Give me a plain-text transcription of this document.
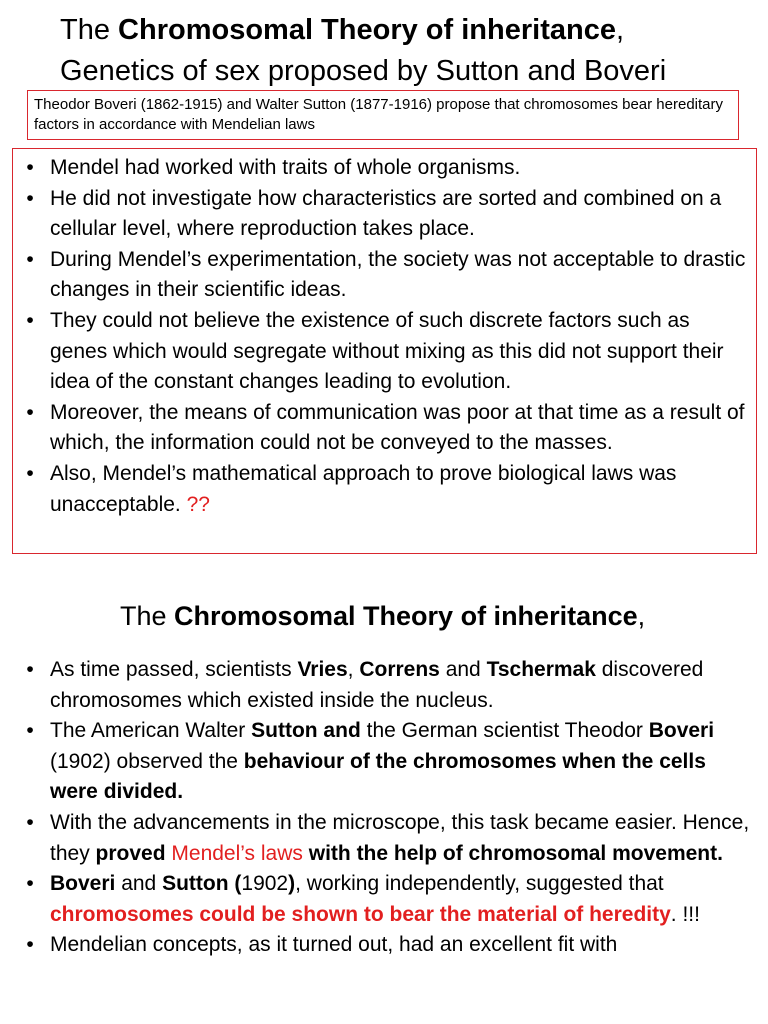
The Chromosomal Theory of inheritance,
Genetics of sex proposed by Sutton and Boveri
Theodor Boveri (1862-1915) and Walter Sutton (1877-1916) propose that chromosomes bear hereditary factors in accordance with Mendelian laws
• Mendel had worked with traits of whole organisms.
• He did not investigate how characteristics are sorted and combined on a cellular level, where reproduction takes place.
• During Mendel’s experimentation, the society was not acceptable to drastic changes in their scientific ideas.
• They could not believe the existence of such discrete factors such as genes which would segregate without mixing as this did not support their idea of the constant changes leading to evolution.
• Moreover, the means of communication was poor at that time as a result of which, the information could not be conveyed to the masses.
• Also, Mendel’s mathematical approach to prove biological laws was unacceptable. ??
The Chromosomal Theory of inheritance,
• As time passed, scientists Vries, Correns and Tschermak discovered chromosomes which existed inside the nucleus.
• The American Walter Sutton and the German scientist Theodor Boveri (1902) observed the behaviour of the chromosomes when the cells were divided.
• With the advancements in the microscope, this task became easier. Hence, they proved Mendel’s laws with the help of chromosomal movement.
• Boveri and Sutton (1902), working independently, suggested that chromosomes could be shown to bear the material of heredity. !!!
• Mendelian concepts, as it turned out, had an excellent fit with
